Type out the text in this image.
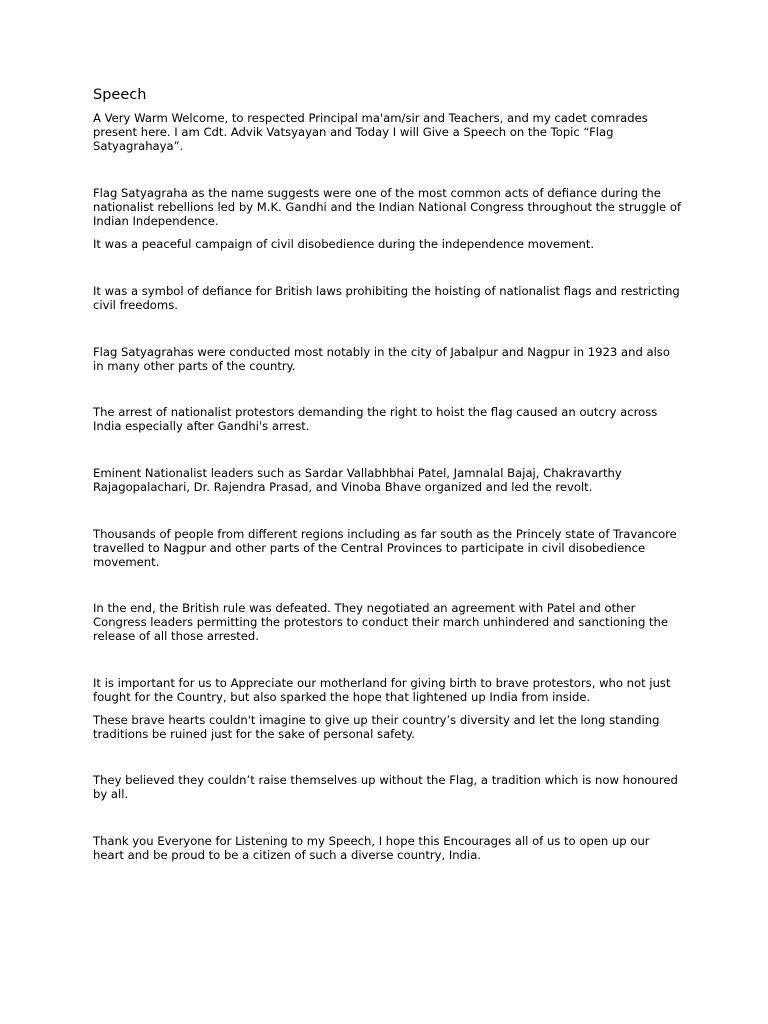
Speech

A Very Warm Welcome, to respected Principal ma'am/sir and Teachers, and my cadet comrades present here. I am Cdt. Advik Vatsyayan and Today I will Give a Speech on the Topic “Flag Satyagrahaya”.

Flag Satyagraha as the name suggests were one of the most common acts of defiance during the nationalist rebellions led by M.K. Gandhi and the Indian National Congress throughout the struggle of Indian Independence.

It was a peaceful campaign of civil disobedience during the independence movement.

It was a symbol of defiance for British laws prohibiting the hoisting of nationalist flags and restricting civil freedoms.

Flag Satyagrahas were conducted most notably in the city of Jabalpur and Nagpur in 1923 and also in many other parts of the country.

The arrest of nationalist protestors demanding the right to hoist the flag caused an outcry across India especially after Gandhi's arrest.

Eminent Nationalist leaders such as Sardar Vallabhbhai Patel, Jamnalal Bajaj, Chakravarthy Rajagopalachari, Dr. Rajendra Prasad, and Vinoba Bhave organized and led the revolt.

Thousands of people from different regions including as far south as the Princely state of Travancore travelled to Nagpur and other parts of the Central Provinces to participate in civil disobedience movement.

In the end, the British rule was defeated. They negotiated an agreement with Patel and other Congress leaders permitting the protestors to conduct their march unhindered and sanctioning the release of all those arrested.

It is important for us to Appreciate our motherland for giving birth to brave protestors, who not just fought for the Country, but also sparked the hope that lightened up India from inside.

These brave hearts couldn't imagine to give up their country’s diversity and let the long standing traditions be ruined just for the sake of personal safety.

They believed they couldn’t raise themselves up without the Flag, a tradition which is now honoured by all.

Thank you Everyone for Listening to my Speech, I hope this Encourages all of us to open up our heart and be proud to be a citizen of such a diverse country, India.
